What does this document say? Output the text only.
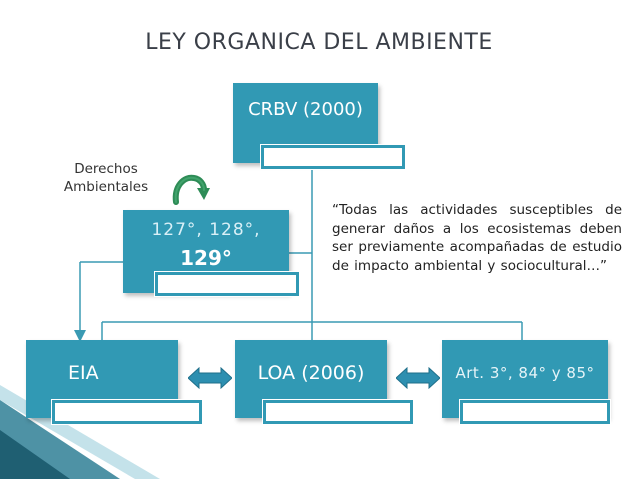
LEY ORGANICA DEL AMBIENTE
Derechos
Ambientales
CRBV (2000)
127°, 128°,
129°
“Todas las actividades susceptibles de generar daños a los ecosistemas deben ser previamente acompañadas de estudio de impacto ambiental y sociocultural…”
EIA	LOA (2006)	Art. 3°, 84° y 85°
